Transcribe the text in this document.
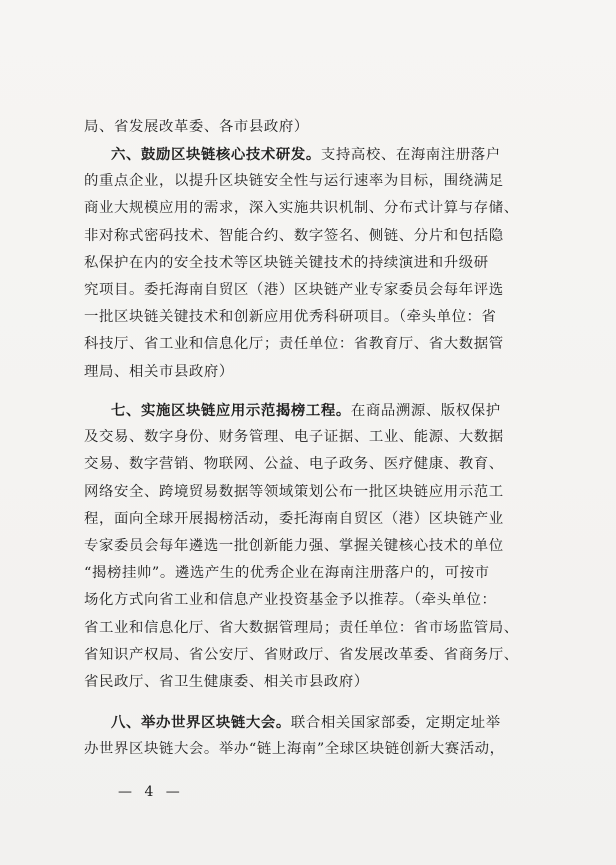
局、省发展改革委、各市县政府）
六、鼓励区块链核心技术研发。支持高校、在海南注册落户
的重点企业，以提升区块链安全性与运行速率为目标，围绕满足
商业大规模应用的需求，深入实施共识机制、分布式计算与存储、
非对称式密码技术、智能合约、数字签名、侧链、分片和包括隐
私保护在内的安全技术等区块链关键技术的持续演进和升级研
究项目。委托海南自贸区（港）区块链产业专家委员会每年评选
一批区块链关键技术和创新应用优秀科研项目。（牵头单位：省
科技厅、省工业和信息化厅；责任单位：省教育厅、省大数据管
理局、相关市县政府）
七、实施区块链应用示范揭榜工程。在商品溯源、版权保护
及交易、数字身份、财务管理、电子证据、工业、能源、大数据
交易、数字营销、物联网、公益、电子政务、医疗健康、教育、
网络安全、跨境贸易数据等领域策划公布一批区块链应用示范工
程，面向全球开展揭榜活动，委托海南自贸区（港）区块链产业
专家委员会每年遴选一批创新能力强、掌握关键核心技术的单位
“揭榜挂帅”。遴选产生的优秀企业在海南注册落户的，可按市
场化方式向省工业和信息产业投资基金予以推荐。（牵头单位：
省工业和信息化厅、省大数据管理局；责任单位：省市场监管局、
省知识产权局、省公安厅、省财政厅、省发展改革委、省商务厅、
省民政厅、省卫生健康委、相关市县政府）
八、举办世界区块链大会。联合相关国家部委，定期定址举
办世界区块链大会。举办“链上海南”全球区块链创新大赛活动，
— 4 —
